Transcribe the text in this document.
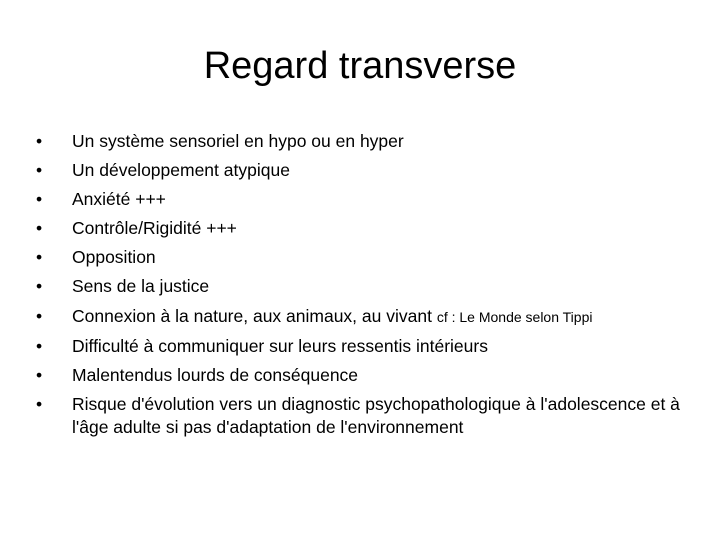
Regard transverse
•	Un système sensoriel en hypo ou en hyper
•	Un développement atypique
•	Anxiété +++
•	Contrôle/Rigidité +++
•	Opposition
•	Sens de la justice
•	Connexion à la nature, aux animaux, au vivant cf : Le Monde selon Tippi
•	Difficulté à communiquer sur leurs ressentis intérieurs
•	Malentendus lourds de conséquence
•	Risque d'évolution vers un diagnostic psychopathologique à l'adolescence et à l'âge adulte si pas d'adaptation de l'environnement
